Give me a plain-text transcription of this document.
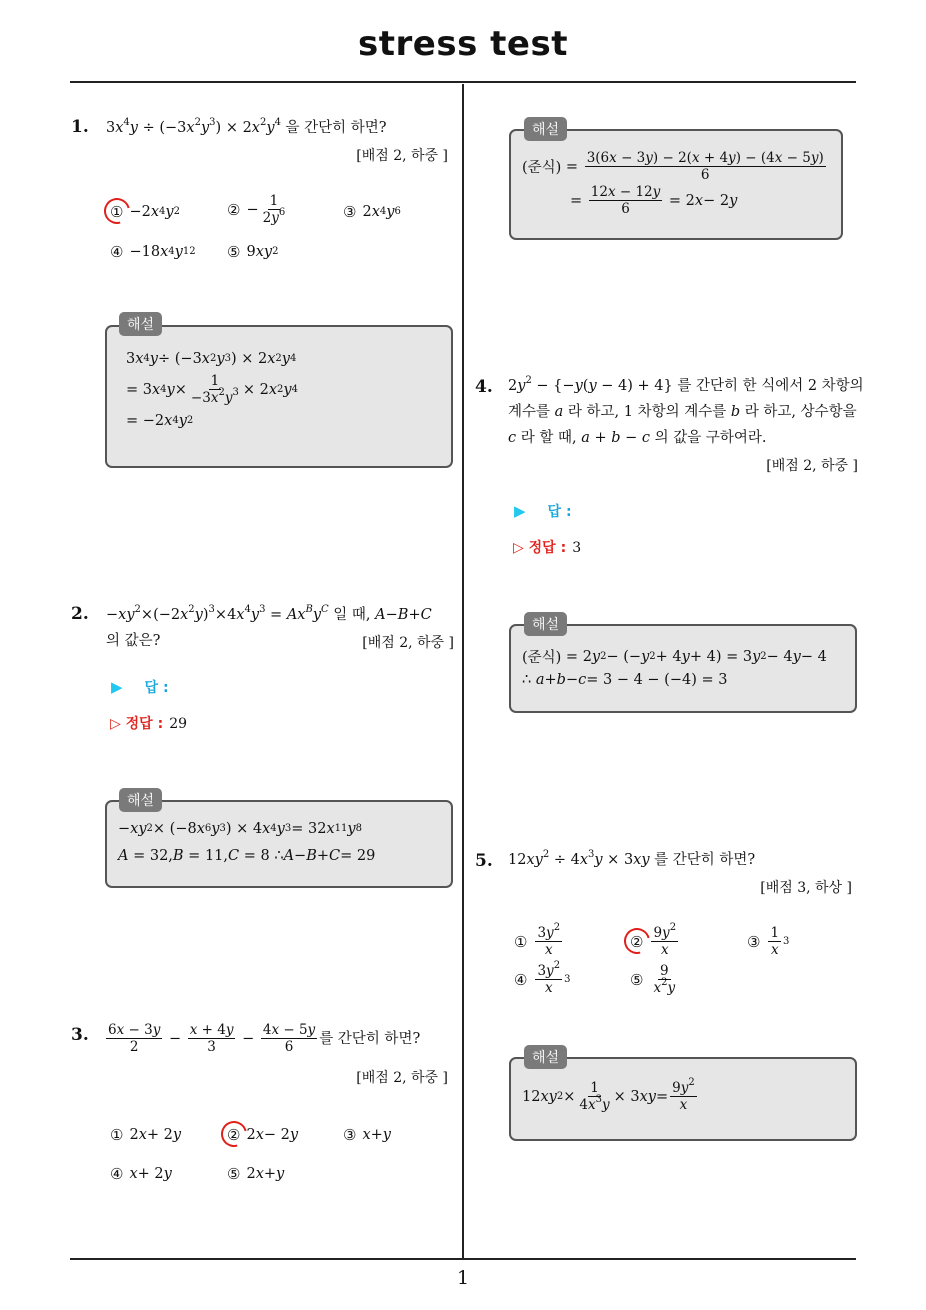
stress test
1
1. $3x^4y \div (-3x^2y^3) \times 2x^2y^4$ 을 간단히 하면?
[배점 2, 하중 ]
① −2 x 4 y 2	② − $\frac{1}{2y^6}$	③ 2 x 4 y 6
④ −18 x 4 y 12 ⑤ 9 x y 2
해설
3 x 4 y ÷ (−3 x 2 y 3 ) × 2 x 2 y 4
= 3 x 4 $y \times \frac{1}{-3x^2y^3} \times 2$ x 2 y 4
= −2 x 4 y 2
2. $-xy^2\times(-2x^2y)^3\times 4x^4y^3 = Ax^By^C$ 일 때, A−B+C
의 값은?	[배점 2, 하중 ]
▶ 답 :
▷ 정답 : 29
해설
− x y 2 × (−8 x 6 y 3 ) × 4 x 4 y 3 = 32 x 11 y 8
A = 32, B = 11, C = 8 ∴ A − B + C = 29
3. $\frac{6x - 3y}{2} - \frac{x + 4y}{3} - \frac{4x - 5y}{6}$ 를 간단히 하면?
[배점 2, 하중 ]
① 2 x + 2 y	② 2 x − 2 y	③ x + y
④ x + 2 y	⑤ 2 x + y
해설
(준식) = $\frac{3(6x - 3y) - 2(x + 4y) - (4x - 5y)}{6}$
= $\frac{12x - 12y}{6} = 2$ x − 2 y
4. $2y^2 - \{-y(y - 4) + 4\}$ 를 간단히 한 식에서 2 차항의
계수를 a 라 하고, 1 차항의 계수를 b 라 하고, 상수항을
c 라 할 때, a + b − c 의 값을 구하여라.
[배점 2, 하중 ]
▶ 답 :
▷ 정답 : 3
해설
(준식) = 2 y 2 − (− y 2 + 4 y + 4) = 3 y 2 − 4 y − 4
∴ a + b − c = 3 − 4 − (−4) = 3
5. $12xy^2 \div 4x^3y \times 3xy$ 를 간단히 하면?
[배점 3, 하상 ]
① $\frac{3y^2}{x}$	② $\frac{9y^2}{x}$	③ $\frac{1}{x} 3$
④ $\frac{3y^2}{x} 3$	⑤ $\frac{9}{x^2y}$
해설
12 x y $2 \times \frac{1}{4x^3y} \times 3$ x $y = \frac{9y^2}{x}$
